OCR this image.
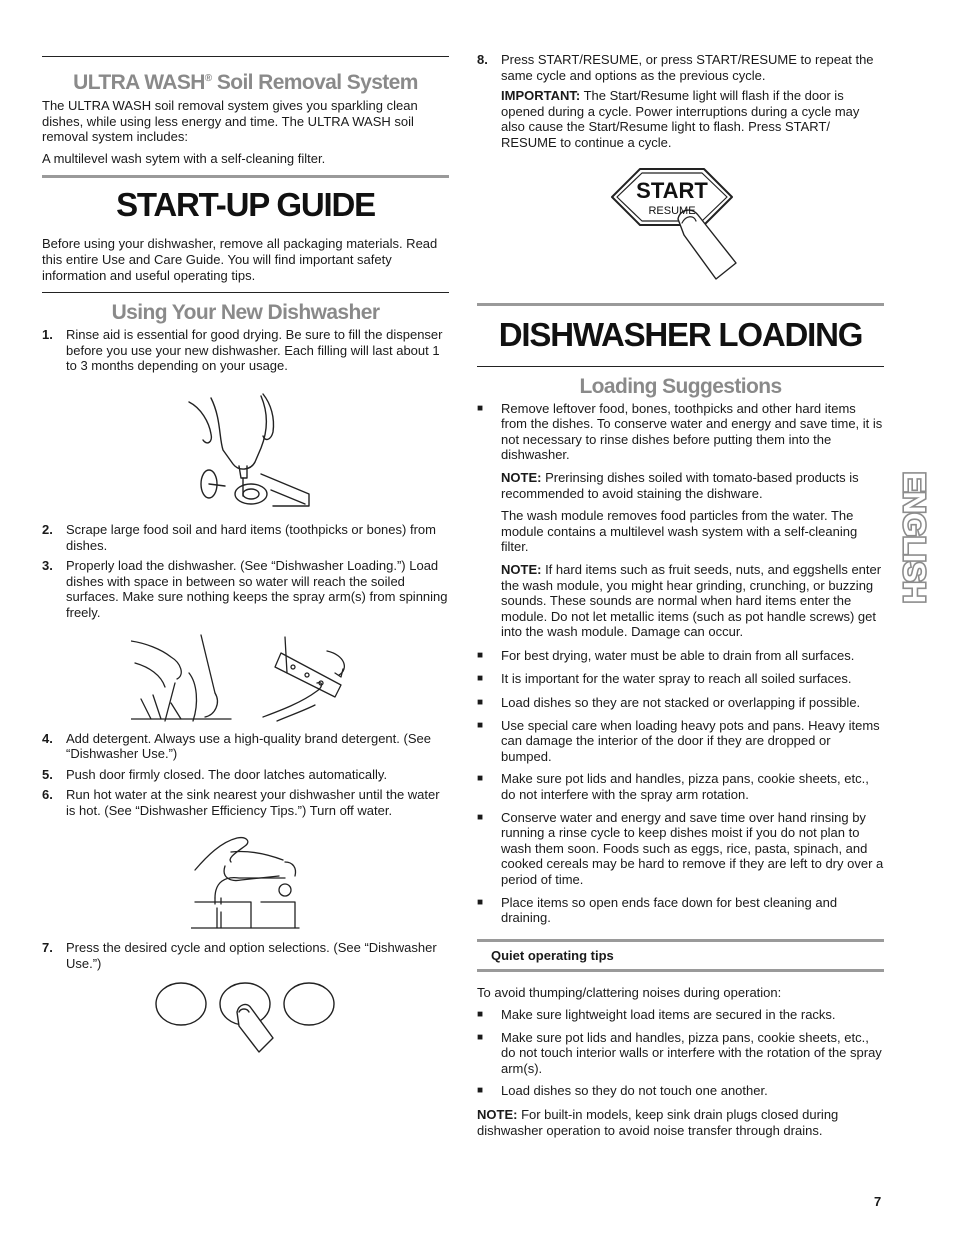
ULTRA WASH® Soil Removal System

The ULTRA WASH soil removal system gives you sparkling clean dishes, while using less energy and time. The ULTRA WASH soil removal system includes:

A multilevel wash sytem with a self-cleaning filter.

START-UP GUIDE

Before using your dishwasher, remove all packaging materials. Read this entire Use and Care Guide. You will find important safety information and useful operating tips.

Using Your New Dishwasher
1.	Rinse aid is essential for good drying. Be sure to fill the dispenser before you use your new dishwasher. Each filling will last about 1 to 3 months depending on your usage.
2.	Scrape large food soil and hard items (toothpicks or bones) from dishes.
3.	Properly load the dishwasher. (See “Dishwasher Loading.”) Load dishes with space in between so water will reach the soiled surfaces. Make sure nothing keeps the spray arm(s) from spinning freely.
4.	Add detergent. Always use a high-quality brand detergent. (See “Dishwasher Use.”)
5.	Push door firmly closed. The door latches automatically.
6.	Run hot water at the sink nearest your dishwasher until the water is hot. (See “Dishwasher Efficiency Tips.”) Turn off water.
7.	Press the desired cycle and option selections. (See “Dishwasher Use.”)
8.	Press START/RESUME, or press START/RESUME to repeat the same cycle and options as the previous cycle.

IMPORTANT: The Start/Resume light will flash if the door is opened during a cycle. Power interruptions during a cycle may also cause the Start/Resume light to flash. Press START/ RESUME to continue a cycle.

START
RESUME
DISHWASHER LOADING
Loading Suggestions
■	Remove leftover food, bones, toothpicks and other hard items from the dishes. To conserve water and energy and save time, it is not necessary to rinse dishes before putting them into the dishwasher.

NOTE: Prerinsing dishes soiled with tomato-based products is recommended to avoid staining the dishware.

The wash module removes food particles from the water. The module contains a multilevel wash system with a self-cleaning filter.

NOTE: If hard items such as fruit seeds, nuts, and eggshells enter the wash module, you might hear grinding, crunching, or buzzing sounds. These sounds are normal when hard items enter the module. Do not let metallic items (such as pot handle screws) get into the wash module. Damage can occur.

■	For best drying, water must be able to drain from all surfaces.
■	It is important for the water spray to reach all soiled surfaces.
■	Load dishes so they are not stacked or overlapping if possible.
■	Use special care when loading heavy pots and pans. Heavy items can damage the interior of the door if they are dropped or bumped.
■	Make sure pot lids and handles, pizza pans, cookie sheets, etc., do not interfere with the spray arm rotation.
■	Conserve water and energy and save time over hand rinsing by running a rinse cycle to keep dishes moist if you do not plan to wash them soon. Foods such as eggs, rice, pasta, spinach, and cooked cereals may be hard to remove if they are left to dry over a period of time.
■	Place items so open ends face down for best cleaning and draining.
Quiet operating tips

To avoid thumping/clattering noises during operation:

■	Make sure lightweight load items are secured in the racks.
■	Make sure pot lids and handles, pizza pans, cookie sheets, etc., do not touch interior walls or interfere with the rotation of the spray arm(s).
■	Load dishes so they do not touch one another.

NOTE: For built-in models, keep sink drain plugs closed during dishwasher operation to avoid noise transfer through drains.

ENGLISH
7
